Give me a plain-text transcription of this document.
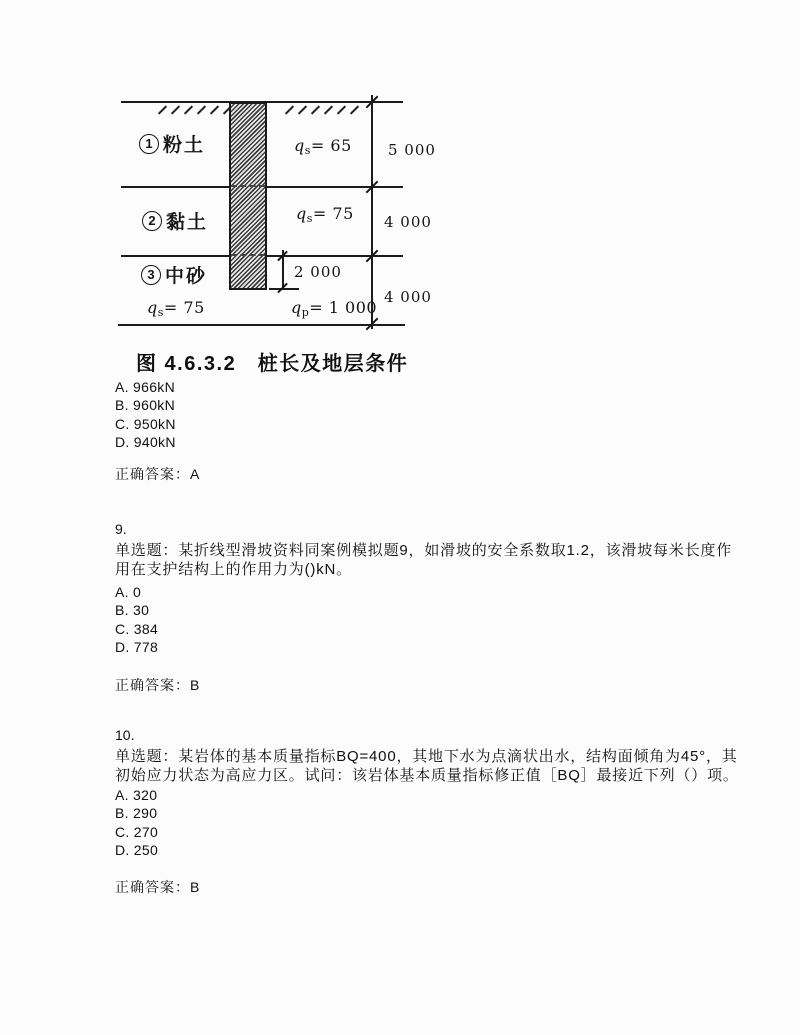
1 粉土	$q_s= 65$ 5 000
2 黏土	$q_s= 75$ 4 000
3 中砂	2 000
$q_s= 75$	$q_p= 1$ 000
4 000
图 4.6.3.2　桩长及地层条件
A. 966kN
B. 960kN
C. 950kN
D. 940kN
正确答案：A
9.
单选题：某折线型滑坡资料同案例模拟题9，如滑坡的安全系数取1.2，该滑坡每米长度作
用在支护结构上的作用力为()kN。
A. 0
B. 30
C. 384
D. 778
正确答案：B
10.
单选题：某岩体的基本质量指标BQ=400，其地下水为点滴状出水，结构面倾角为45°，其
初始应力状态为高应力区。试问：该岩体基本质量指标修正值［BQ］最接近下列（）项。
A. 320
B. 290
C. 270
D. 250
正确答案：B
